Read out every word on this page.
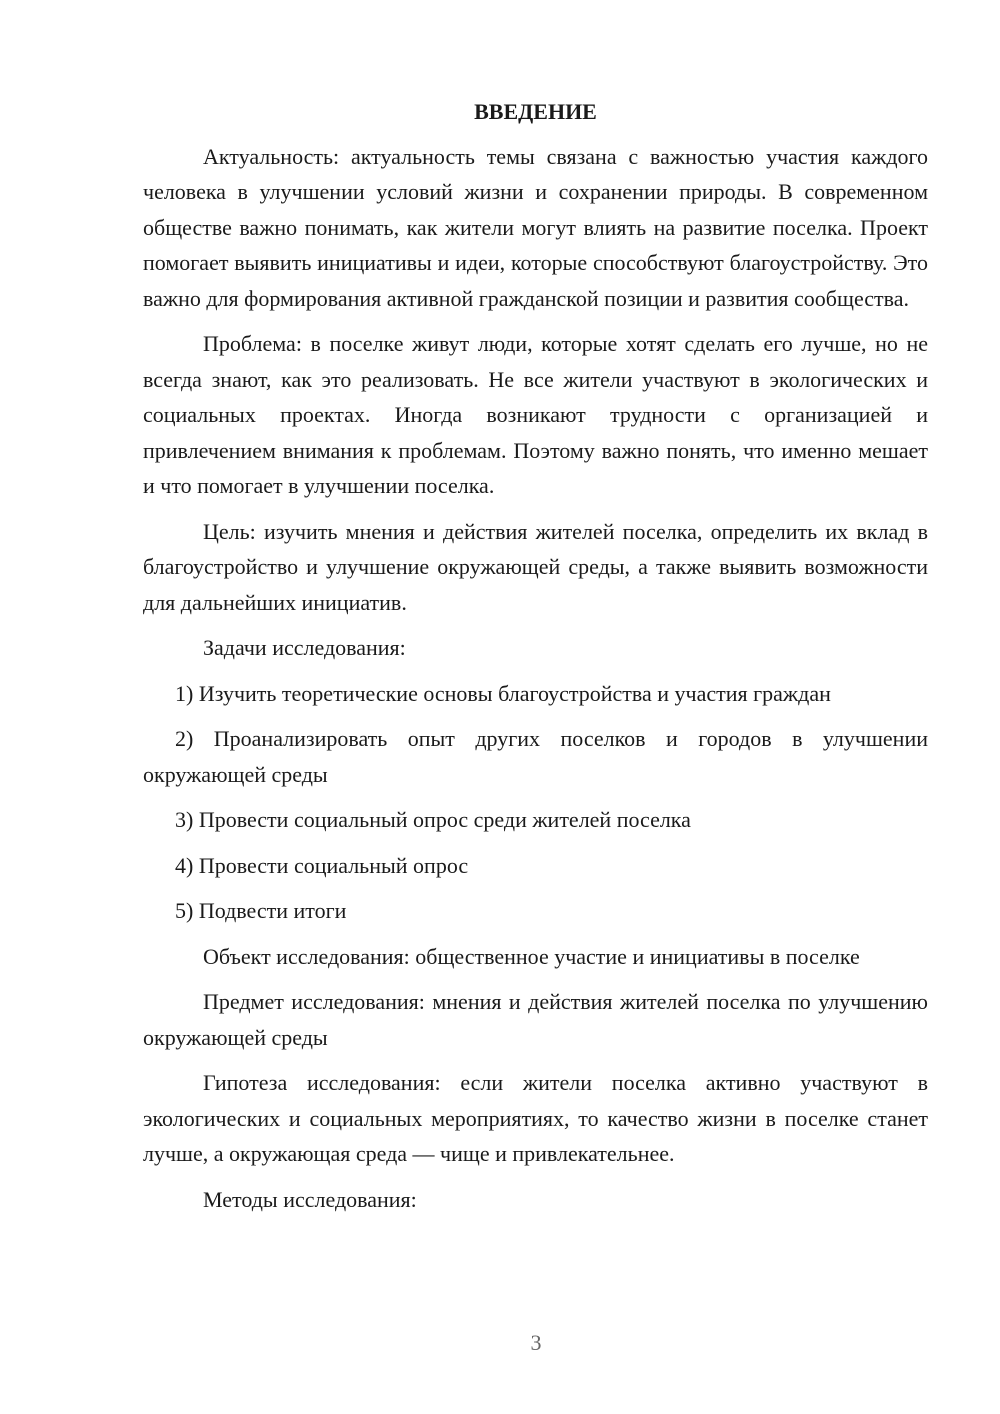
ВВЕДЕНИЕ

Актуальность: актуальность темы связана с важностью участия каждого человека в улучшении условий жизни и сохранении природы. В современном обществе важно понимать, как жители могут влиять на развитие поселка. Проект помогает выявить инициативы и идеи, которые способствуют благоустройству. Это важно для формирования активной гражданской позиции и развития сообщества.

Проблема: в поселке живут люди, которые хотят сделать его лучше, но не всегда знают, как это реализовать. Не все жители участвуют в экологических и социальных проектах. Иногда возникают трудности с организацией и привлечением внимания к проблемам. Поэтому важно понять, что именно мешает и что помогает в улучшении поселка.

Цель: изучить мнения и действия жителей поселка, определить их вклад в благоустройство и улучшение окружающей среды, а также выявить возможности для дальнейших инициатив.

Задачи исследования:

1) Изучить теоретические основы благоустройства и участия граждан

2) Проанализировать опыт других поселков и городов в улучшении окружающей среды

3) Провести социальный опрос среди жителей поселка

4) Провести социальный опрос

5) Подвести итоги

Объект исследования: общественное участие и инициативы в поселке

Предмет исследования: мнения и действия жителей поселка по улучшению окружающей среды

Гипотеза исследования: если жители поселка активно участвуют в экологических и социальных мероприятиях, то качество жизни в поселке станет лучше, а окружающая среда — чище и привлекательнее.

Методы исследования:

3
